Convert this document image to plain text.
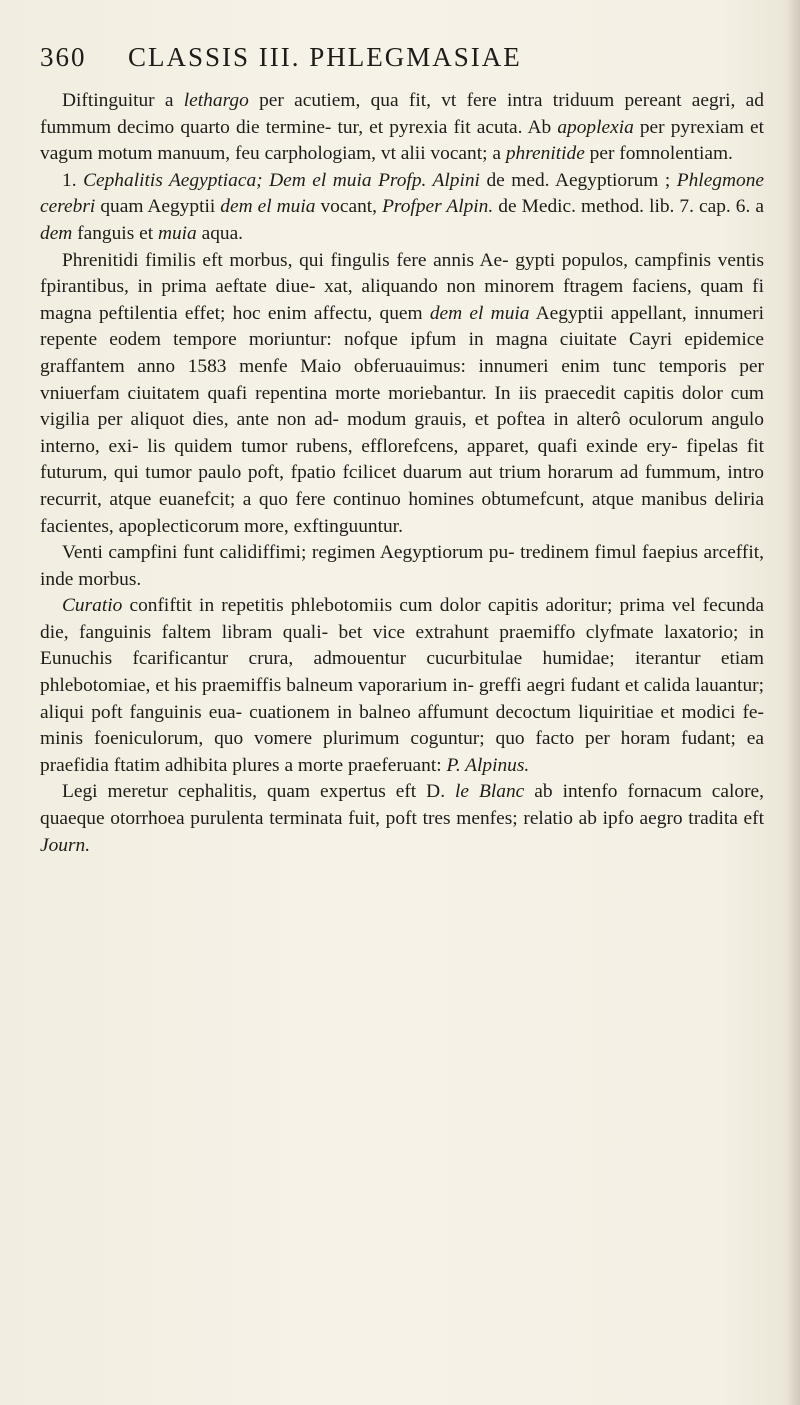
360 CLASSIS III. PHLEGMASIAE

Diftinguitur a lethargo per acutiem, qua fit, vt fere intra triduum pereant aegri, ad fummum decimo quarto die termine- tur, et pyrexia fit acuta. Ab apoplexia per pyrexiam et vagum motum manuum, feu carphologiam, vt alii vocant; a phrenitide per fomnolentiam.

1. Cephalitis Aegyptiaca; Dem el muia Profp. Alpini de med. Aegyptiorum ; Phlegmone cerebri quam Aegyptii dem el muia vocant, Profper Alpin. de Medic. method. lib. 7. cap. 6. a dem fanguis et muia aqua.

Phrenitidi fimilis eft morbus, qui fingulis fere annis Ae- gypti populos, campfinis ventis fpirantibus, in prima aeftate diue- xat, aliquando non minorem ftragem faciens, quam fi magna peftilentia effet; hoc enim affectu, quem dem el muia Aegyptii appellant, innumeri repente eodem tempore moriuntur: nofque ipfum in magna ciuitate Cayri epidemice graffantem anno 1583 menfe Maio obferuauimus: innumeri enim tunc temporis per vniuerfam ciuitatem quafi repentina morte moriebantur. In iis praecedit capitis dolor cum vigilia per aliquot dies, ante non ad- modum grauis, et poftea in alterô oculorum angulo interno, exi- lis quidem tumor rubens, efflorefcens, apparet, quafi exinde ery- fipelas fit futurum, qui tumor paulo poft, fpatio fcilicet duarum aut trium horarum ad fummum, intro recurrit, atque euanefcit; a quo fere continuo homines obtumefcunt, atque manibus deliria facientes, apoplecticorum more, exftinguuntur.

Venti campfini funt calidiffimi; regimen Aegyptiorum pu- tredinem fimul faepius arceffit, inde morbus.

Curatio confiftit in repetitis phlebotomiis cum dolor capitis adoritur; prima vel fecunda die, fanguinis faltem libram quali- bet vice extrahunt praemiffo clyfmate laxatorio; in Eunuchis fcarificantur crura, admouentur cucurbitulae humidae; iterantur etiam phlebotomiae, et his praemiffis balneum vaporarium in- greffi aegri fudant et calida lauantur; aliqui poft fanguinis eua- cuationem in balneo affumunt decoctum liquiritiae et modici fe- minis foeniculorum, quo vomere plurimum coguntur; quo facto per horam fudant; ea praefidia ftatim adhibita plures a morte praeferuant: P. Alpinus.

Legi meretur cephalitis, quam expertus eft D. le Blanc ab intenfo fornacum calore, quaeque otorrhoea purulenta terminata fuit, poft tres menfes; relatio ab ipfo aegro tradita eft Journ.
